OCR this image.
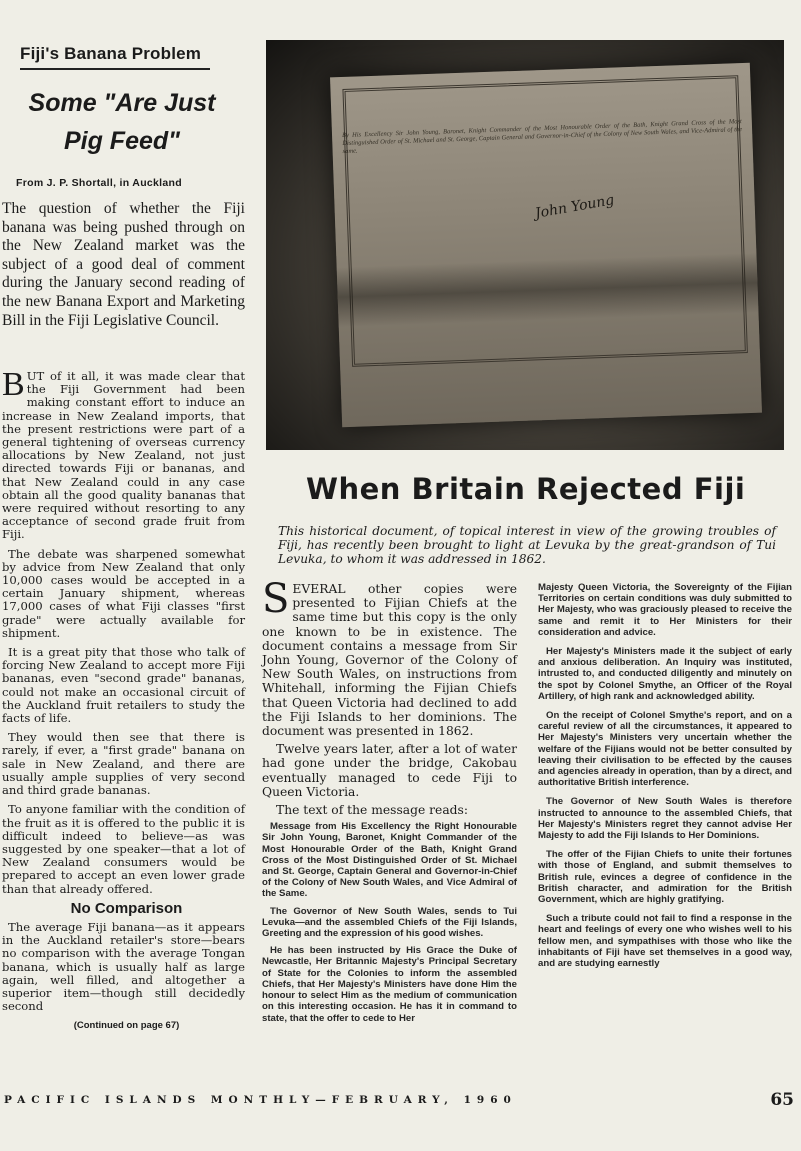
Fiji's Banana Problem
Some "Are Just Pig Feed"
From J. P. Shortall, in Auckland
The question of whether the Fiji banana was being pushed through on the New Zealand market was the subject of a good deal of comment during the January second reading of the new Banana Export and Marketing Bill in the Fiji Legislative Council.

BUT of it all, it was made clear that the Fiji Government had been making constant effort to induce an increase in New Zealand imports, that the present restrictions were part of a general tightening of overseas currency allocations by New Zealand, not just directed towards Fiji or bananas, and that New Zealand could in any case obtain all the good quality bananas that were required without resorting to any acceptance of second grade fruit from Fiji.

The debate was sharpened somewhat by advice from New Zealand that only 10,000 cases would be accepted in a certain January shipment, whereas 17,000 cases of what Fiji classes "first grade" were actually available for shipment.

It is a great pity that those who talk of forcing New Zealand to accept more Fiji bananas, even "second grade" bananas, could not make an occasional circuit of the Auckland fruit retailers to study the facts of life.

They would then see that there is rarely, if ever, a "first grade" banana on sale in New Zealand, and there are usually ample supplies of very second and third grade bananas.

To anyone familiar with the condition of the fruit as it is offered to the public it is difficult indeed to believe—as was suggested by one speaker—that a lot of New Zealand consumers would be prepared to accept an even lower grade than that already offered.

No Comparison

The average Fiji banana—as it appears in the Auckland retailer's store—bears no comparison with the average Tongan banana, which is usually half as large again, well filled, and altogether a superior item—though still decidedly second

(Continued on page 67)

By His Excellency Sir John Young, Baronet, Knight Commander of the Most Honourable Order of the Bath, Knight Grand Cross of the Most Distinguished Order of St. Michael and St. George, Captain General and Governor-in-Chief of the Colony of New South Wales, and Vice-Admiral of the same.
John Young
When Britain Rejected Fiji
This historical document, of topical interest in view of the growing troubles of Fiji, has recently been brought to light at Levuka by the great-grandson of Tui Levuka, to whom it was addressed in 1862.

SEVERAL other copies were presented to Fijian Chiefs at the same time but this copy is the only one known to be in existence. The document contains a message from Sir John Young, Governor of the Colony of New South Wales, on instructions from Whitehall, informing the Fijian Chiefs that Queen Victoria had declined to add the Fiji Islands to her dominions. The document was presented in 1862.

Twelve years later, after a lot of water had gone under the bridge, Cakobau eventually managed to cede Fiji to Queen Victoria.

The text of the message reads:

Message from His Excellency the Right Honourable Sir John Young, Baronet, Knight Commander of the Most Honourable Order of the Bath, Knight Grand Cross of the Most Distinguished Order of St. Michael and St. George, Captain General and Governor-in-Chief of the Colony of New South Wales, and Vice Admiral of the Same.

The Governor of New South Wales, sends to Tui Levuka—and the assembled Chiefs of the Fiji Islands, Greeting and the expression of his good wishes.

He has been instructed by His Grace the Duke of Newcastle, Her Britannic Majesty's Principal Secretary of State for the Colonies to inform the assembled Chiefs, that Her Majesty's Ministers have done Him the honour to select Him as the medium of communication on this interesting occasion. He has it in command to state, that the offer to cede to Her

Majesty Queen Victoria, the Sovereignty of the Fijian Territories on certain conditions was duly submitted to Her Majesty, who was graciously pleased to receive the same and remit it to Her Ministers for their consideration and advice.

Her Majesty's Ministers made it the subject of early and anxious deliberation. An Inquiry was instituted, intrusted to, and conducted diligently and minutely on the spot by Colonel Smythe, an Officer of the Royal Artillery, of high rank and acknowledged ability.

On the receipt of Colonel Smythe's report, and on a careful review of all the circumstances, it appeared to Her Majesty's Ministers very uncertain whether the welfare of the Fijians would not be better consulted by leaving their civilisation to be effected by the causes and agencies already in operation, than by a direct, and authoritative British interference.

The Governor of New South Wales is therefore instructed to announce to the assembled Chiefs, that Her Majesty's Ministers regret they cannot advise Her Majesty to add the Fiji Islands to Her Dominions.

The offer of the Fijian Chiefs to unite their fortunes with those of England, and submit themselves to British rule, evinces a degree of confidence in the British character, and admiration for the British Government, which are highly gratifying.

Such a tribute could not fail to find a response in the heart and feelings of every one who wishes well to his fellow men, and sympathises with those who like the inhabitants of Fiji have set themselves in a good way, and are studying earnestly

PACIFIC ISLANDS MONTHLY—FEBRUARY, 1960	65
